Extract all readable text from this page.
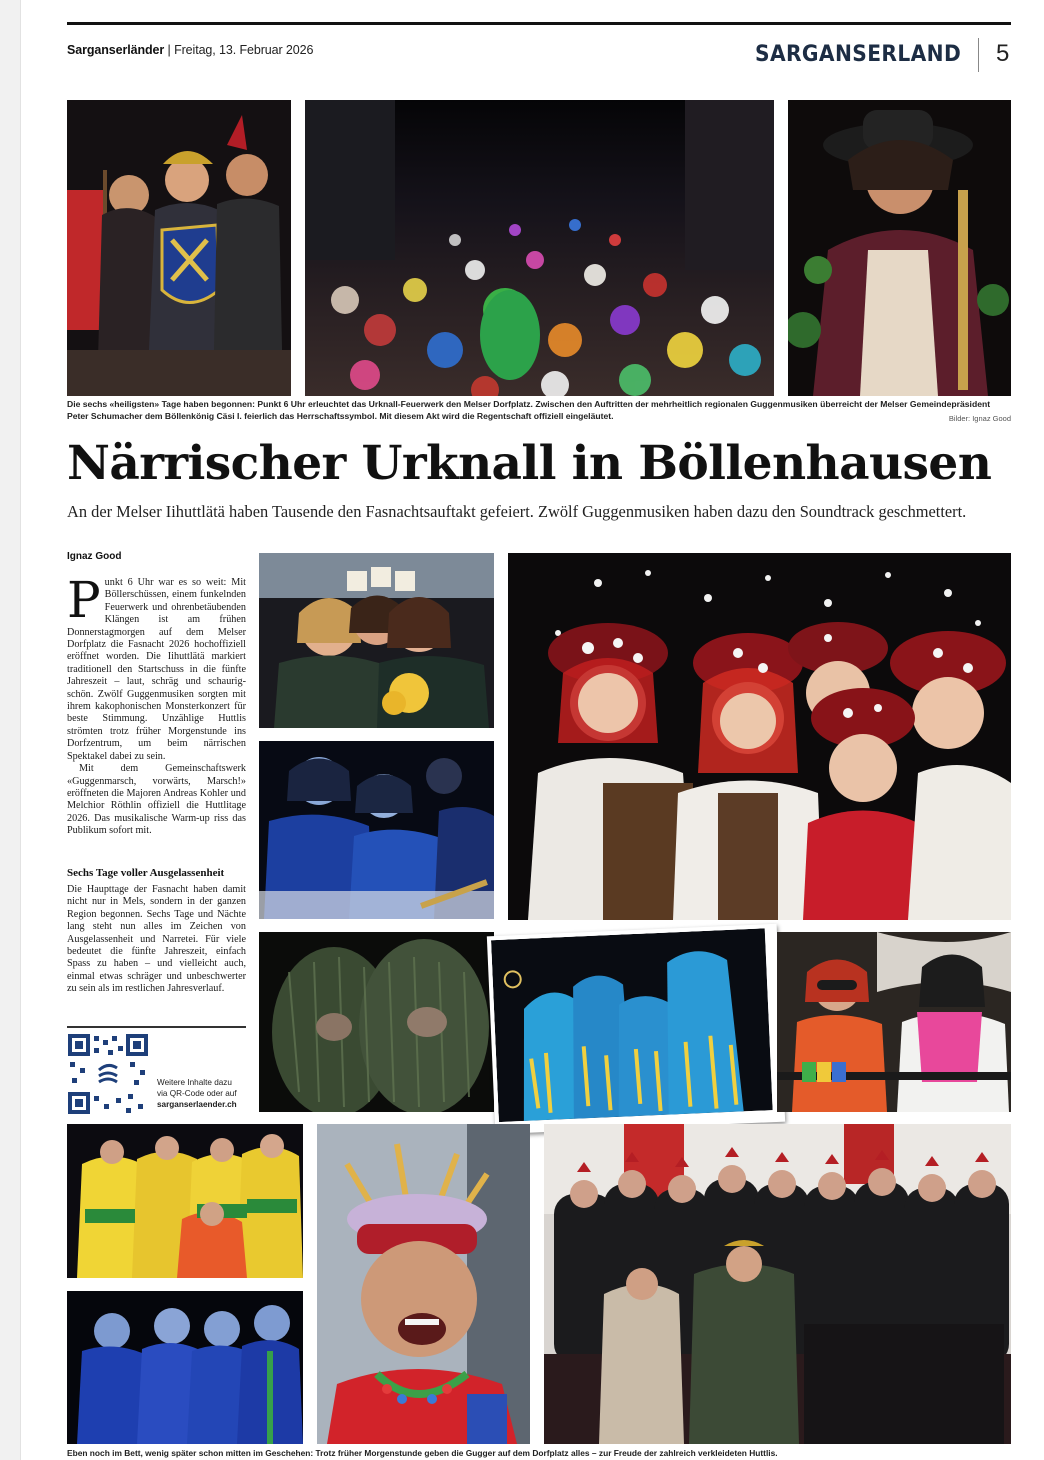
Sarganserländer | Freitag, 13. Februar 2026	SARGANSERLAND 5
Die sechs «heiligsten» Tage haben begonnen: Punkt 6 Uhr erleuchtet das Urknall-Feuerwerk den Melser Dorfplatz. Zwischen den Auftritten der mehrheitlich regionalen Guggenmusiken überreicht der Melser Gemeindepräsident Peter Schumacher dem Böllenkönig Cäsi I. feierlich das Herrschaftssymbol. Mit diesem Akt wird die Regentschaft offiziell eingeläutet.	Bilder: Ignaz Good
Närrischer Urknall in Böllenhausen
An der Melser Iihuttlätä haben Tausende den Fasnachtsauftakt gefeiert. Zwölf Guggenmusiken haben dazu den Soundtrack geschmettert.
Ignaz Good

Punkt 6 Uhr war es so weit: Mit Böllerschüssen, einem funkelnden Feuerwerk und ohrenbetäubenden Klängen ist am frühen Donnerstagmorgen auf dem Melser Dorfplatz die Fasnacht 2026 hochoffiziell eröffnet worden. Die Iihuttlätä markiert traditionell den Startschuss in die fünfte Jahreszeit – laut, schräg und schaurig-schön. Zwölf Guggenmusiken sorgten mit ihrem kakophonischen Monsterkonzert für beste Stimmung. Unzählige Huttlis strömten trotz früher Morgenstunde ins Dorfzentrum, um beim närrischen Spektakel dabei zu sein.

Mit dem Gemeinschaftswerk «Guggenmarsch, vorwärts, Marsch!» eröffneten die Majoren Andreas Kohler und Melchior Röthlin offiziell die Huttlitage 2026. Das musikalische Warm-up riss das Publikum sofort mit.

Sechs Tage voller Ausgelassenheit
Die Haupttage der Fasnacht haben damit nicht nur in Mels, sondern in der ganzen Region begonnen. Sechs Tage und Nächte lang steht nun alles im Zeichen von Ausgelassenheit und Narretei. Für viele bedeutet die fünfte Jahreszeit, einfach Spass zu haben – und vielleicht auch, einmal etwas schräger und unbeschwerter zu sein als im restlichen Jahresverlauf.
Weitere Inhalte dazu
via QR-Code oder auf
sarganserlaender.ch
Eben noch im Bett, wenig später schon mitten im Geschehen: Trotz früher Morgenstunde geben die Gugger auf dem Dorfplatz alles – zur Freude der zahlreich verkleideten Huttlis.
